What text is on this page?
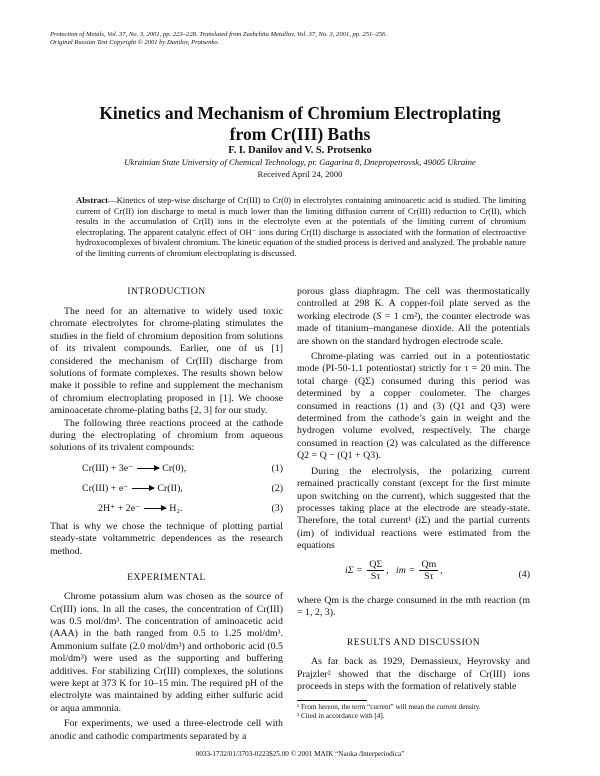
Protection of Metals, Vol. 37, No. 3, 2001, pp. 223–228. Translated from Zashchita Metallov, Vol. 37, No. 3, 2001, pp. 251–256.
Original Russian Text Copyright © 2001 by Danilov, Protsenko.
Kinetics and Mechanism of Chromium Electroplating
from Cr(III) Baths
F. I. Danilov and V. S. Protsenko
Ukrainian State University of Chemical Technology, pr. Gagarina 8, Dnepropetrovsk, 49005 Ukraine
Received April 24, 2000
Abstract—Kinetics of step-wise discharge of Cr(III) to Cr(0) in electrolytes containing aminoacetic acid is studied. The limiting current of Cr(II) ion discharge to metal is much lower than the limiting diffusion current of Cr(III) reduction to Cr(II), which results in the accumulation of Cr(II) ions in the electrolyte even at the potentials of the limiting current of chromium electroplating. The apparent catalytic effect of OH⁻ ions during Cr(II) discharge is associated with the formation of electroactive hydroxocomplexes of bivalent chromium. The kinetic equation of the studied process is derived and analyzed. The probable nature of the limiting currents of chromium electroplating is discussed.
INTRODUCTION

The need for an alternative to widely used toxic chromate electrolytes for chrome-plating stimulates the studies in the field of chromium deposition from solutions of its trivalent compounds. Earlier, one of us [1] considered the mechanism of Cr(III) discharge from solutions of formate complexes. The results shown below make it possible to refine and supplement the mechanism of chromium electroplating proposed in [1]. We choose aminoacetate chrome-plating baths [2, 3] for our study.

The following three reactions proceed at the cathode during the electroplating of chromium from aqueous solutions of its trivalent compounds:

Cr(III) + 3e⁻	Cr(0),	(1)
Cr(III) + e⁻	Cr(II),	(2)
2H⁺ + 2e⁻	H₂.	(3)

That is why we chose the technique of plotting partial steady-state voltammetric dependences as the research method.

EXPERIMENTAL

Chrome potassium alum was chosen as the source of Cr(III) ions. In all the cases, the concentration of Cr(III) was 0.5 mol/dm³. The concentration of aminoacetic acid (AAA) in the bath ranged from 0.5 to 1.25 mol/dm³. Ammonium sulfate (2.0 mol/dm³) and orthoboric acid (0.5 mol/dm³) were used as the supporting and buffering additives. For stabilizing Cr(III) complexes, the solutions were kept at 373 K for 10–15 min. The required pH of the electrolyte was maintained by adding either sulfuric acid or aqua ammonia.

For experiments, we used a three-electrode cell with anodic and cathodic compartments separated by a

porous glass diaphragm. The cell was thermostatically controlled at 298 K. A copper-foil plate served as the working electrode (S = 1 cm²), the counter electrode was made of titanium–manganese dioxide. All the potentials are shown on the standard hydrogen electrode scale.

Chrome-plating was carried out in a potentiostatic mode (PI-50-1.1 potentiostat) strictly for τ = 20 min. The total charge (QΣ) consumed during this period was determined by a copper coulometer. The charges consumed in reactions (1) and (3) (Q1 and Q3) were determined from the cathode’s gain in weight and the hydrogen volume evolved, respectively. The charge consumed in reaction (2) was calculated as the difference Q2 = Q − (Q1 + Q3).

During the electrolysis, the polarizing current remained practically constant (except for the first minute upon switching on the current), which suggested that the processes taking place at the electrode are steady-state. Therefore, the total current¹ (iΣ) and the partial currents (im) of individual reactions were estimated from the equations

$i\Sigma = \frac{Q\Sigma}{S\tau}$ , im = $\frac{Qm}{S\tau}$ ,	(4)

where Qm is the charge consumed in the mth reaction (m = 1, 2, 3).

RESULTS AND DISCUSSION

As far back as 1929, Demassieux, Heyrovsky and Prajzler² showed that the discharge of Cr(III) ions proceeds in steps with the formation of relatively stable

¹ From hereon, the term “current” will mean the current density.

² Cited in accordance with [4].

0033-1732/01/3703-0223$25.00 © 2001 MAIK “Nauka /Interperiodica”
